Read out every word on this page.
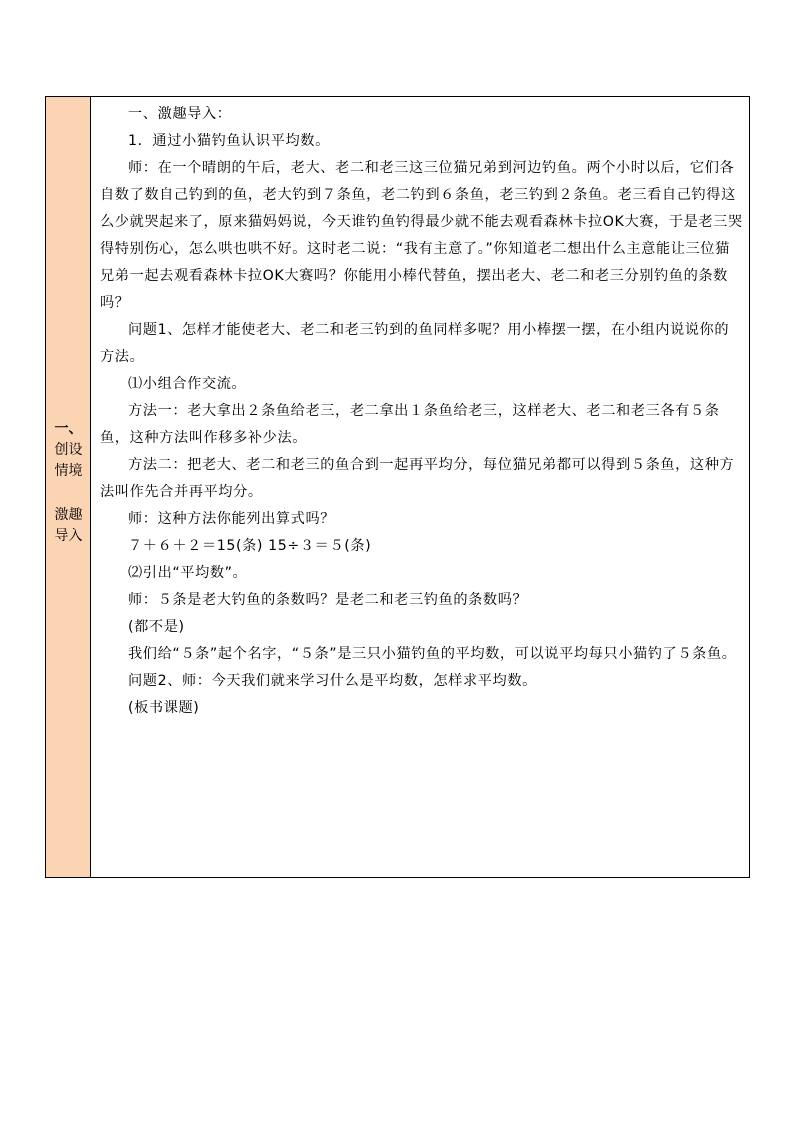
一、
创设
情境
激趣
导入

一、激趣导入：

1．通过小猫钓鱼认识平均数。

师：在一个晴朗的午后，老大、老二和老三这三位猫兄弟到河边钓鱼。两个小时以后，它们各自数了数自己钓到的鱼，老大钓到７条鱼，老二钓到６条鱼，老三钓到２条鱼。老三看自己钓得这么少就哭起来了，原来猫妈妈说，今天谁钓鱼钓得最少就不能去观看森林卡拉OK大赛，于是老三哭得特别伤心，怎么哄也哄不好。这时老二说：“我有主意了。”你知道老二想出什么主意能让三位猫兄弟一起去观看森林卡拉OK大赛吗？你能用小棒代替鱼，摆出老大、老二和老三分别钓鱼的条数吗？

问题1、怎样才能使老大、老二和老三钓到的鱼同样多呢？用小棒摆一摆，在小组内说说你的方法。

⑴小组合作交流。

方法一：老大拿出２条鱼给老三，老二拿出１条鱼给老三，这样老大、老二和老三各有５条鱼，这种方法叫作移多补少法。

方法二：把老大、老二和老三的鱼合到一起再平均分，每位猫兄弟都可以得到５条鱼，这种方法叫作先合并再平均分。

师：这种方法你能列出算式吗？

７＋６＋２＝15(条) 15÷３＝５(条)

⑵引出“平均数”。

师：５条是老大钓鱼的条数吗？是老二和老三钓鱼的条数吗？

(都不是)

我们给“５条”起个名字，“５条”是三只小猫钓鱼的平均数，可以说平均每只小猫钓了５条鱼。

问题2、师：今天我们就来学习什么是平均数，怎样求平均数。

(板书课题)
